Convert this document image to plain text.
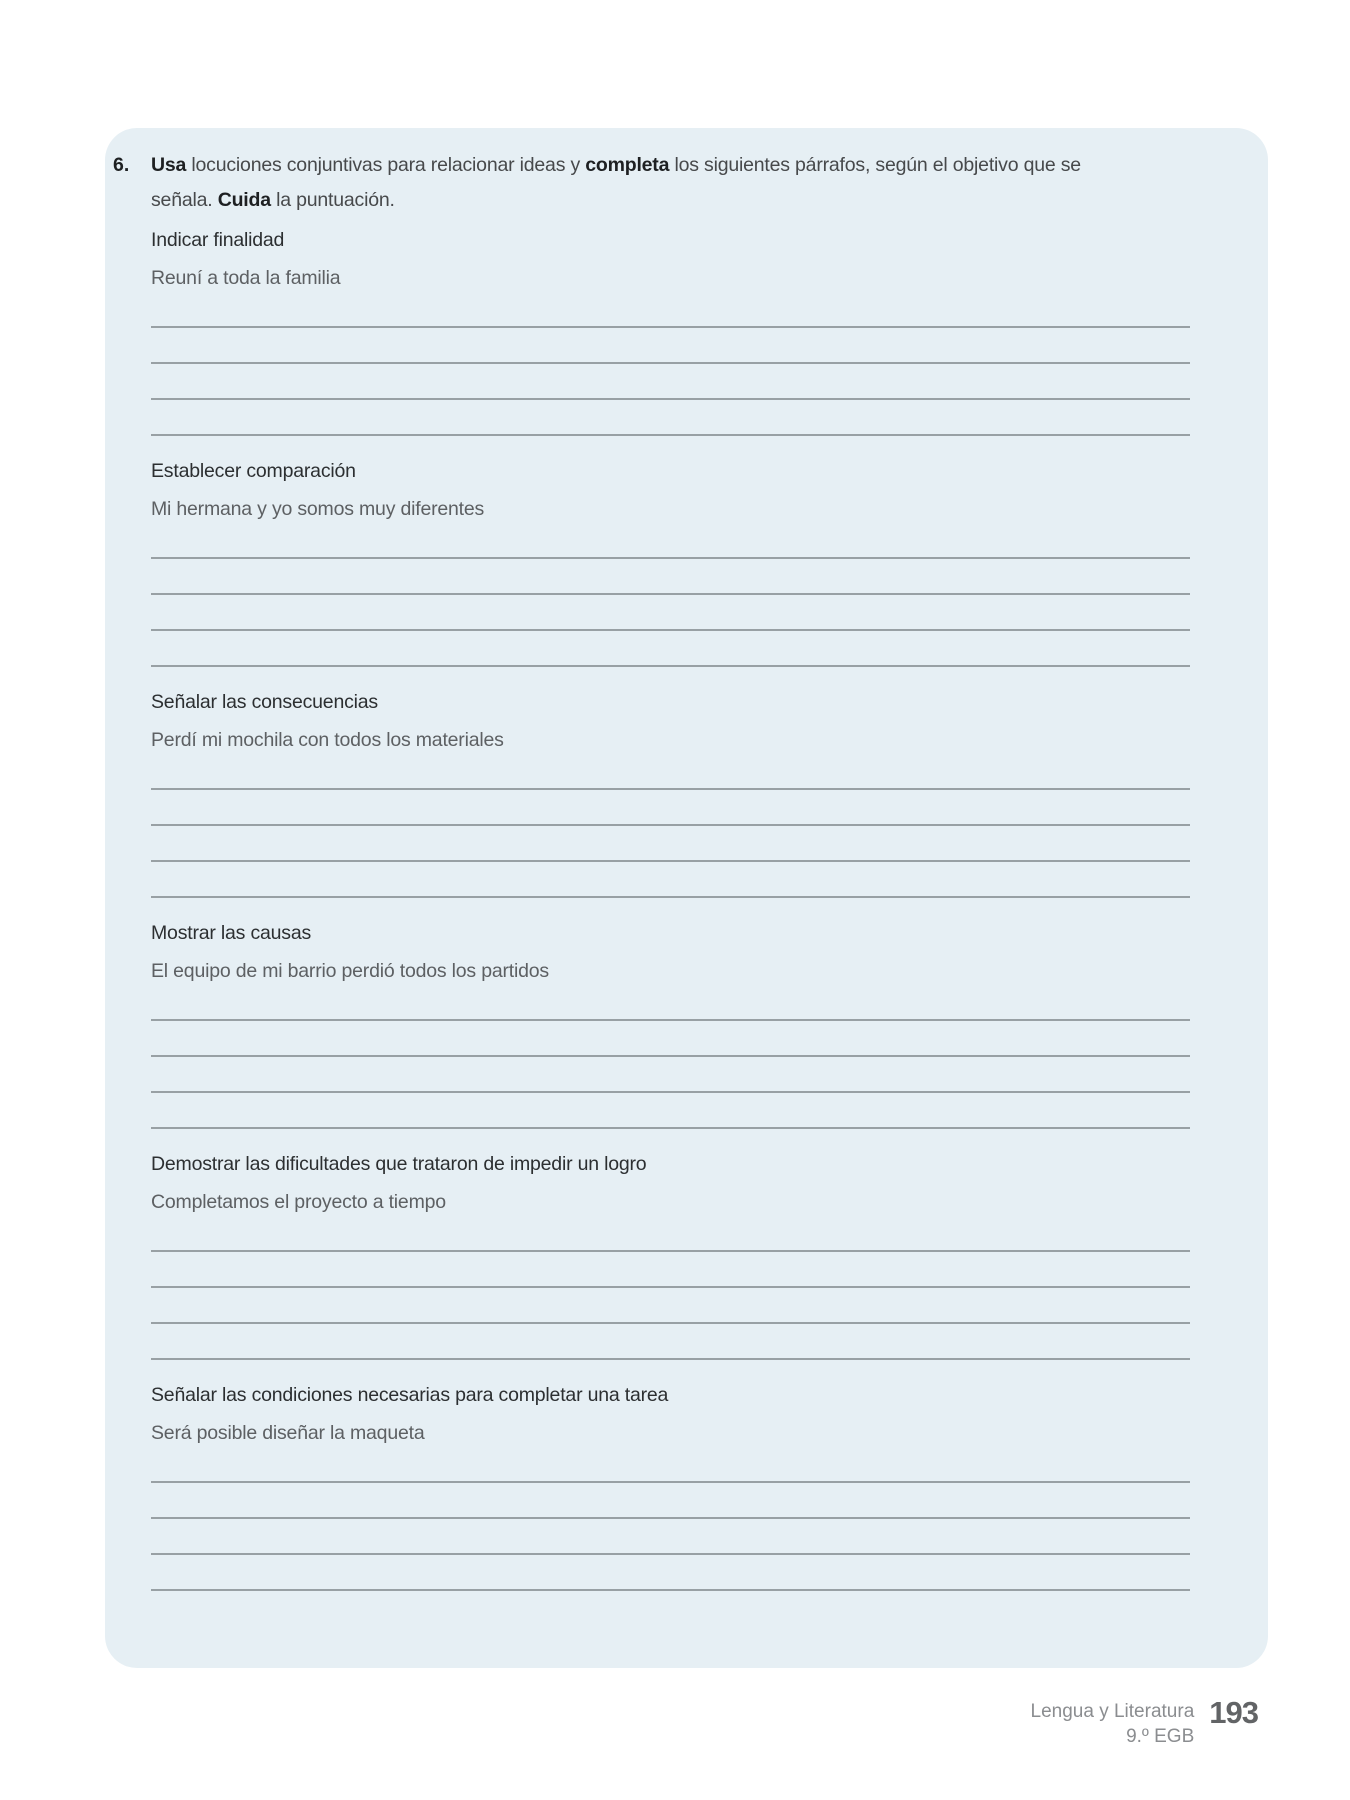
6.	Usa locuciones conjuntivas para relacionar ideas y completa los siguientes párrafos, según el objetivo que se señala. Cuida la puntuación.

Indicar finalidad

Reuní a toda la familia

Establecer comparación

Mi hermana y yo somos muy diferentes

Señalar las consecuencias

Perdí mi mochila con todos los materiales

Mostrar las causas

El equipo de mi barrio perdió todos los partidos

Demostrar las dificultades que trataron de impedir un logro

Completamos el proyecto a tiempo

Señalar las condiciones necesarias para completar una tarea

Será posible diseñar la maqueta

Lengua y Literatura
9.º EGB
193
